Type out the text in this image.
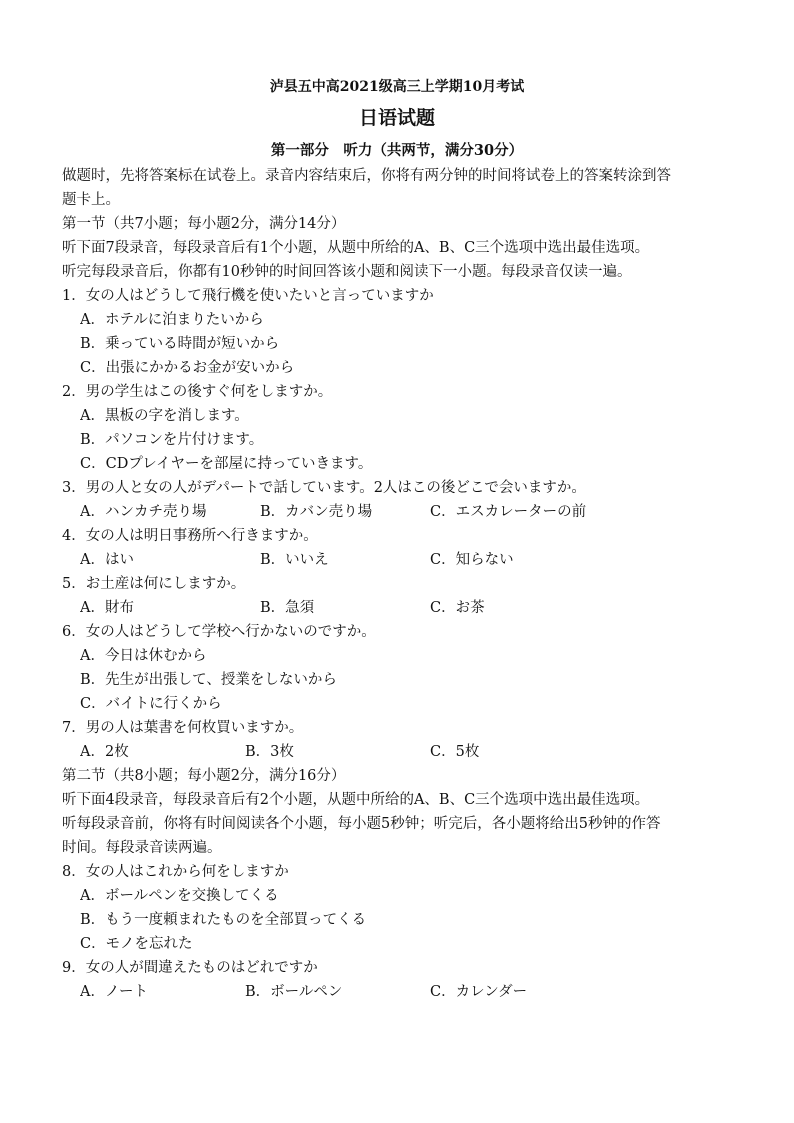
泸县五中高2021级高三上学期10月考试
日语试题
第一部分　听力（共两节，满分30分）
做题时，先将答案标在试卷上。录音内容结束后，你将有两分钟的时间将试卷上的答案转涂到答
题卡上。
第一节（共7小题；每小题2分，满分14分）
听下面7段录音，每段录音后有1个小题，从题中所给的A、B、C三个选项中选出最佳选项。
听完每段录音后，你都有10秒钟的时间回答该小题和阅读下一小题。每段录音仅读一遍。
1．女の人はどうして飛行機を使いたいと言っていますか
A．ホテルに泊まりたいから
B．乗っている時間が短いから
C．出張にかかるお金が安いから
2．男の学生はこの後すぐ何をしますか。
A．黒板の字を消します。
B．パソコンを片付けます。
C．CDプレイヤーを部屋に持っていきます。
3．男の人と女の人がデパートで話しています。2人はこの後どこで会いますか。
A．ハンカチ売り場	B．カバン売り場	C．エスカレーターの前
4．女の人は明日事務所へ行きますか。
A．はい	B．いいえ	C．知らない
5．お土産は何にしますか。
A．財布	B．急須	C．お茶
6．女の人はどうして学校へ行かないのですか。
A．今日は休むから
B．先生が出張して、授業をしないから
C．バイトに行くから
7．男の人は葉書を何枚買いますか。
A．2枚	B．3枚	C．5枚
第二节（共8小题；每小题2分，满分16分）
听下面4段录音，每段录音后有2个小题，从题中所给的A、B、C三个选项中选出最佳选项。
听每段录音前，你将有时间阅读各个小题，每小题5秒钟；听完后，各小题将给出5秒钟的作答
时间。每段录音读两遍。
8．女の人はこれから何をしますか
A．ボールペンを交換してくる
B．もう一度頼まれたものを全部買ってくる
C．モノを忘れた
9．女の人が間違えたものはどれですか
A．ノート	B．ボールペン	C．カレンダー
